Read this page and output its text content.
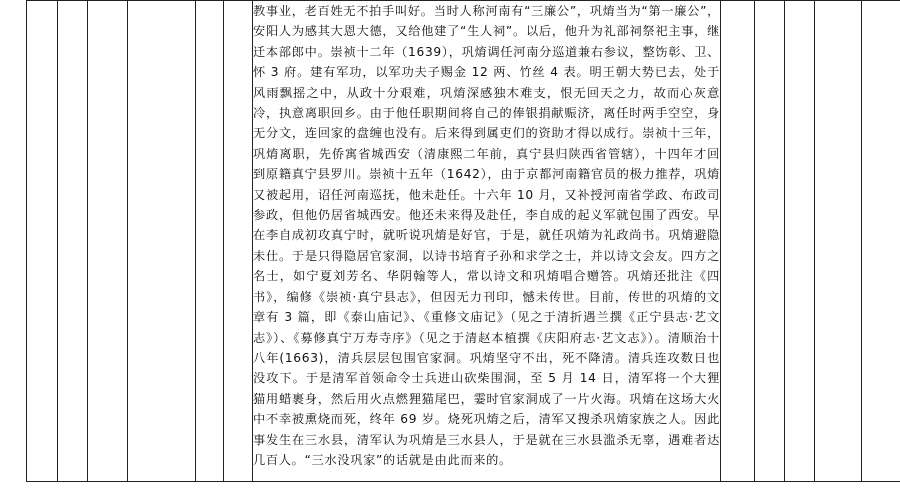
教事业，老百姓无不拍手叫好。当时人称河南有“三廉公”，巩焴当为“第一廉公”，安阳人为感其大恩大德，又给他建了“生人祠”。以后，他升为礼部祠祭祀主事，继迁本部郎中。崇祯十二年（1639），巩焴调任河南分巡道兼右参议，整饬彰、卫、怀 3 府。建有军功，以军功夫子赐金 12 两、竹丝 4 表。明王朝大势已去，处于风雨飘摇之中，从政十分艰难，巩焴深感独木难支，恨无回天之力，故而心灰意冷，执意离职回乡。由于他任职期间将自己的俸银捐献赈济，离任时两手空空，身无分文，连回家的盘缠也没有。后来得到属吏们的资助才得以成行。崇祯十三年，巩焴离职，先侨寓省城西安（清康熙二年前，真宁县归陕西省管辖），十四年才回到原籍真宁县罗川。崇祯十五年（1642），由于京都河南籍官员的极力推荐，巩焴又被起用，诏任河南巡抚，他未赴任。十六年 10 月，又补授河南省学政、布政司参政，但他仍居省城西安。他还未来得及赴任，李自成的起义军就包围了西安。早在李自成初攻真宁时，就听说巩焴是好官，于是，就任巩焴为礼政尚书。巩焴避隐未仕。于是只得隐居官家洞，以诗书培育子孙和求学之士，并以诗文会友。四方之名士，如宁夏刘芳名、华阴翰等人，常以诗文和巩焴唱合赠答。巩焴还批注《四书》，编修《崇祯·真宁县志》，但因无力刊印，憾未传世。目前，传世的巩焴的文章有 3 篇，即《泰山庙记》、《重修文庙记》（见之于清折遇兰撰《正宁县志·艺文志》）、《募修真宁万寿寺序》（见之于清赵本植撰《庆阳府志·艺文志》）。清顺治十八年(1663)，清兵层层包围官家洞。巩焴坚守不出，死不降清。清兵连攻数日也没攻下。于是清军首领命令士兵进山砍柴围洞，至 5 月 14 日，清军将一个大狸猫用蜡裹身，然后用火点燃狸猫尾巴，霎时官家洞成了一片火海。巩焴在这场大火中不幸被熏烧而死，终年 69 岁。烧死巩焴之后，清军又搜杀巩焴家族之人。因此事发生在三水县，清军认为巩焴是三水县人，于是就在三水县滥杀无辜，遇难者达几百人。“三水没巩家”的话就是由此而来的。
